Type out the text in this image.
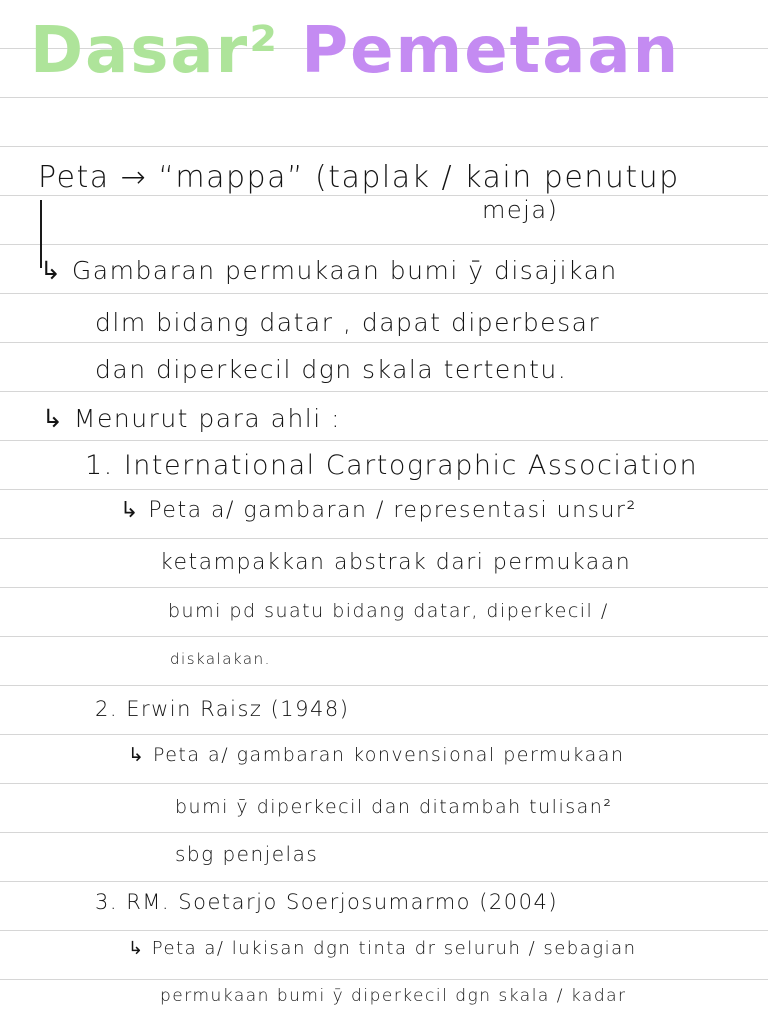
Dasar² Pemetaan
Peta → “mappa” (taplak / kain penutup
meja)
↳ Gambaran permukaan bumi ȳ disajikan
dlm bidang datar , dapat diperbesar
dan diperkecil dgn skala tertentu.
↳ Menurut para ahli :
1. International Cartographic Association
↳ Peta a/ gambaran / representasi unsur²
ketampakkan abstrak dari permukaan
bumi pd suatu bidang datar, diperkecil /
diskalakan.
2. Erwin Raisz (1948)
↳ Peta a/ gambaran konvensional permukaan
bumi ȳ diperkecil dan ditambah tulisan²
sbg penjelas
3. RM. Soetarjo Soerjosumarmo (2004)
↳ Peta a/ lukisan dgn tinta dr seluruh / sebagian
permukaan bumi ȳ diperkecil dgn skala / kadar
